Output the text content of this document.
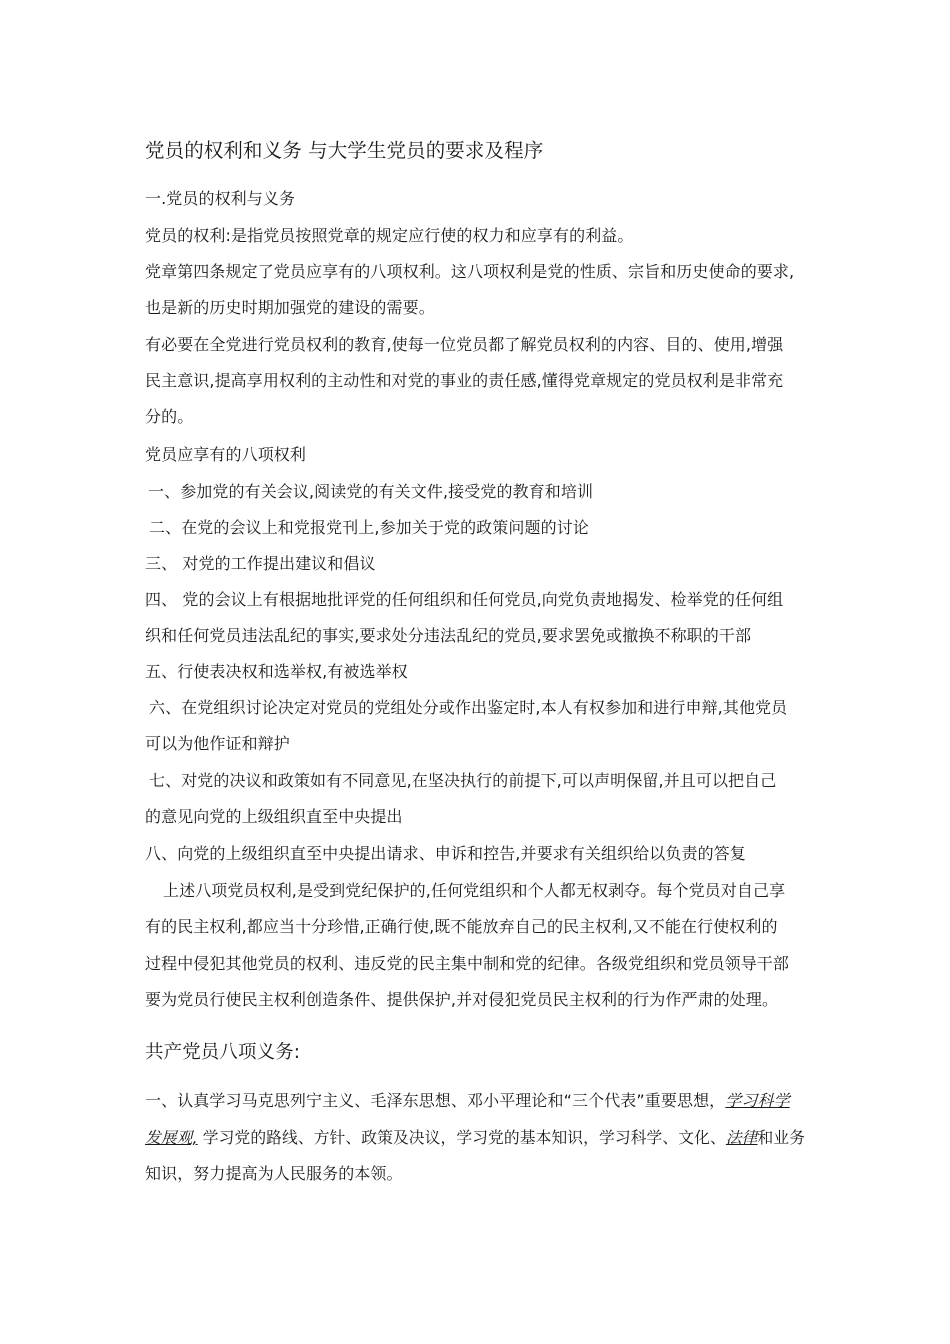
党员的权利和义务 与大学生党员的要求及程序

一.党员的权利与义务

党员的权利:是指党员按照党章的规定应行使的权力和应享有的利益。

党章第四条规定了党员应享有的八项权利。这八项权利是党的性质、宗旨和历史使命的要求,

也是新的历史时期加强党的建设的需要。

有必要在全党进行党员权利的教育,使每一位党员都了解党员权利的内容、目的、使用,增强

民主意识,提高享用权利的主动性和对党的事业的责任感,懂得党章规定的党员权利是非常充

分的。

党员应享有的八项权利

一、参加党的有关会议,阅读党的有关文件,接受党的教育和培训

二、在党的会议上和党报党刊上,参加关于党的政策问题的讨论

三、 对党的工作提出建议和倡议

四、 党的会议上有根据地批评党的任何组织和任何党员,向党负责地揭发、检举党的任何组

织和任何党员违法乱纪的事实,要求处分违法乱纪的党员,要求罢免或撤换不称职的干部

五、行使表决权和选举权,有被选举权

六、在党组织讨论决定对党员的党组处分或作出鉴定时,本人有权参加和进行申辩,其他党员

可以为他作证和辩护

七、对党的决议和政策如有不同意见,在坚决执行的前提下,可以声明保留,并且可以把自己

的意见向党的上级组织直至中央提出

八、向党的上级组织直至中央提出请求、申诉和控告,并要求有关组织给以负责的答复

上述八项党员权利,是受到党纪保护的,任何党组织和个人都无权剥夺。每个党员对自己享

有的民主权利,都应当十分珍惜,正确行使,既不能放弃自己的民主权利,又不能在行使权利的

过程中侵犯其他党员的权利、违反党的民主集中制和党的纪律。各级党组织和党员领导干部

要为党员行使民主权利创造条件、提供保护,并对侵犯党员民主权利的行为作严肃的处理。

共产党员八项义务:

一、认真学习马克思列宁主义、毛泽东思想、邓小平理论和“三个代表”重要思想，学习科学

发展观, 学习党的路线、方针、政策及决议，学习党的基本知识，学习科学、文化、法律和业务

知识，努力提高为人民服务的本领。
